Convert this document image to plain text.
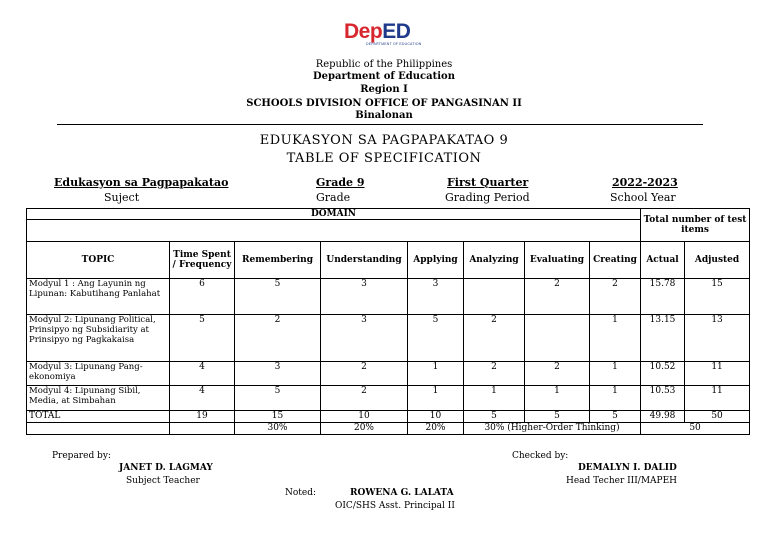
DepED
DEPARTMENT OF EDUCATION
Republic of the Philippines
Department of Education
Region I
SCHOOLS DIVISION OFFICE OF PANGASINAN II
Binalonan
EDUKASYON SA PAGPAPAKATAO 9
TABLE OF SPECIFICATION
Edukasyon sa Pagpapakatao
Suject
Grade 9
Grade
First Quarter
Grading Period
2022-2023
School Year
DOMAIN								Total number of test items	

TOPIC	Time Spent / Frequency	Remembering	Understanding	Applying	Analyzing	Evaluating	Creating	Actual	Adjusted
Modyul 1 : Ang Layunin ng Lipunan: Kabutihang Panlahat	6	5	3	3		2	2	15.78	15
Modyul 2: Lipunang Political, Prinsipyo ng Subsidiarity at Prinsipyo ng Pagkakaisa	5	2	3	5	2		1	13.15	13
Modyul 3: Lipunang Pang-ekonomiya	4	3	2	1	2	2	1	10.52	11
Modyul 4: Lipunang Sibil, Media, at Simbahan	4	5	2	1	1	1	1	10.53	11
TOTAL	19	15	10	10	5	5	5	49.98	50
		30%	20%	20%	30% (Higher-Order Thinking)			50	
Prepared by:
JANET D. LAGMAY
Subject Teacher
Checked by:
DEMALYN I. DALID
Head Techer III/MAPEH
Noted:	ROWENA G. LALATA
OIC/SHS Asst. Principal II
